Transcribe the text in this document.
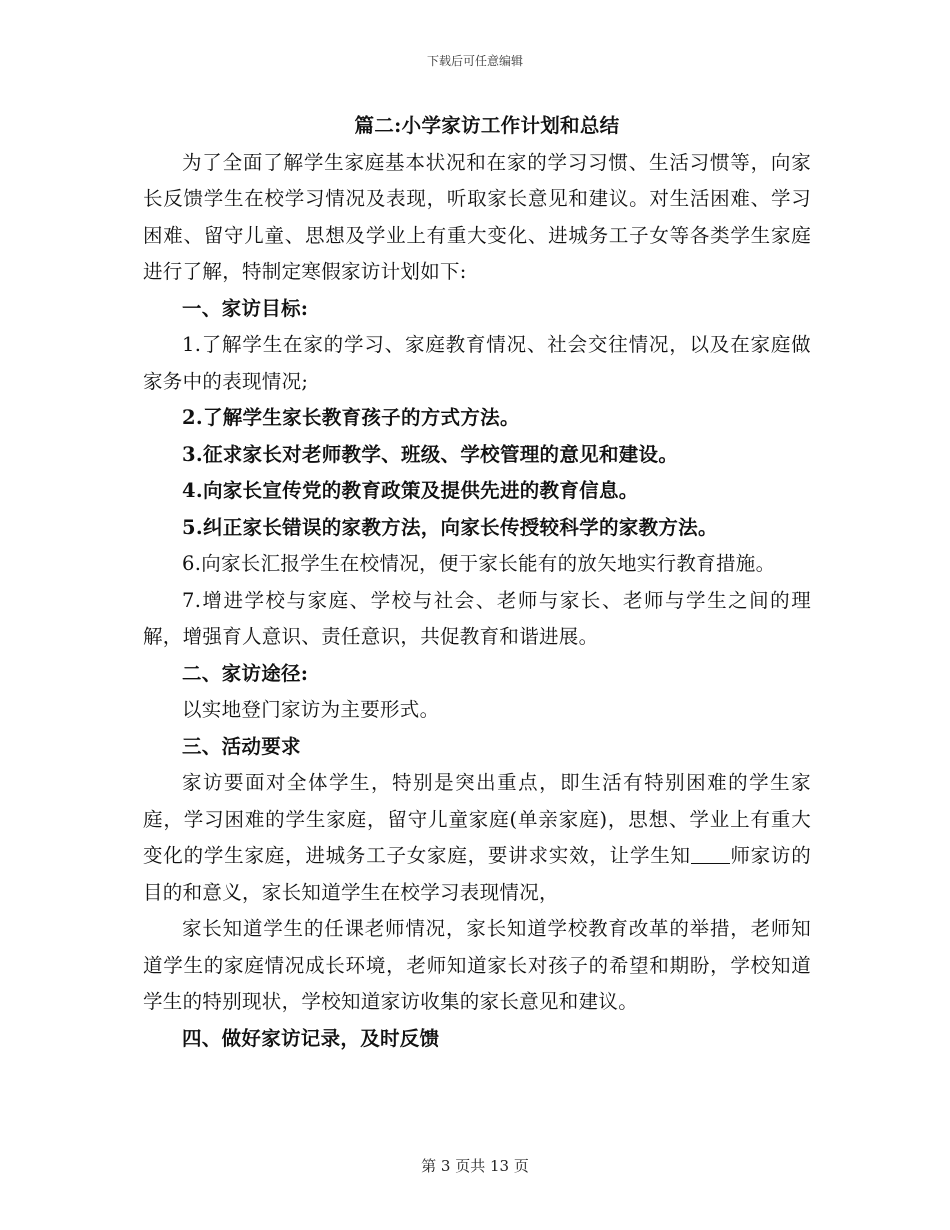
下载后可任意编辑

篇二:小学家访工作计划和总结

为了全面了解学生家庭基本状况和在家的学习习惯、生活习惯等，向家长反馈学生在校学习情况及表现，听取家长意见和建议。对生活困难、学习困难、留守儿童、思想及学业上有重大变化、进城务工子女等各类学生家庭进行了解，特制定寒假家访计划如下:

一、家访目标:

1.了解学生在家的学习、家庭教育情况、社会交往情况，以及在家庭做家务中的表现情况;

2.了解学生家长教育孩子的方式方法。

3.征求家长对老师教学、班级、学校管理的意见和建设。

4.向家长宣传党的教育政策及提供先进的教育信息。

5.纠正家长错误的家教方法，向家长传授较科学的家教方法。

6.向家长汇报学生在校情况，便于家长能有的放矢地实行教育措施。

7.增进学校与家庭、学校与社会、老师与家长、老师与学生之间的理解，增强育人意识、责任意识，共促教育和谐进展。

二、家访途径:

以实地登门家访为主要形式。

三、活动要求

家访要面对全体学生，特别是突出重点，即生活有特别困难的学生家庭，学习困难的学生家庭，留守儿童家庭(单亲家庭)，思想、学业上有重大变化的学生家庭，进城务工子女家庭，要讲求实效，让学生知 师家访的目的和意义，家长知道学生在校学习表现情况，

家长知道学生的任课老师情况，家长知道学校教育改革的举措，老师知道学生的家庭情况成长环境，老师知道家长对孩子的希望和期盼，学校知道学生的特别现状，学校知道家访收集的家长意见和建议。

四、做好家访记录，及时反馈

第 3 页共 13 页
